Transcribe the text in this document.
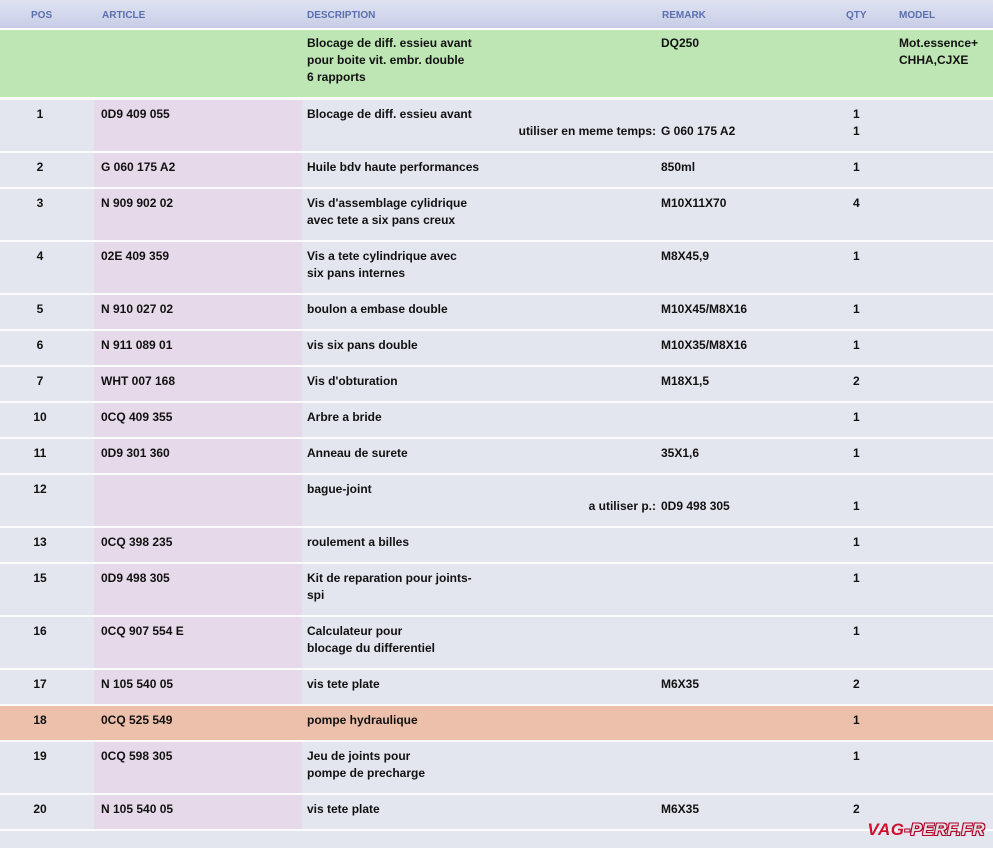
POS	ARTICLE	DESCRIPTION	REMARK	QTY	MODEL
Blocage de diff. essieu avant
pour boite vit. embr. double
6 rapports
DQ250	Mot.essence+
CHHA,CJXE
1	0D9 409 055	Blocage de diff. essieu avant	1
utiliser en meme temps: G 060 175 A2	1
2	G 060 175 A2	Huile bdv haute performances	850ml	1
3	N 909 902 02	Vis d'assemblage cylidrique
avec tete a six pans creux
M10X11X70	4
4	02E 409 359	Vis a tete cylindrique avec
six pans internes
M8X45,9	1
5	N 910 027 02	boulon a embase double	M10X45/M8X16	1
6	N 911 089 01	vis six pans double	M10X35/M8X16	1
7	WHT 007 168	Vis d'obturation	M18X1,5	2
10	0CQ 409 355	Arbre a bride	1
11	0D9 301 360	Anneau de surete	35X1,6	1
12	bague-joint
a utiliser p.: 0D9 498 305	1
13	0CQ 398 235	roulement a billes	1
15	0D9 498 305	Kit de reparation pour joints-
spi
1
16	0CQ 907 554 E	Calculateur pour
blocage du differentiel
1
17	N 105 540 05	vis tete plate	M6X35	2
18	0CQ 525 549	pompe hydraulique	1
19	0CQ 598 305	Jeu de joints pour
pompe de precharge
1
20	N 105 540 05	vis tete plate	M6X35	2
VAG-PERF.FR
